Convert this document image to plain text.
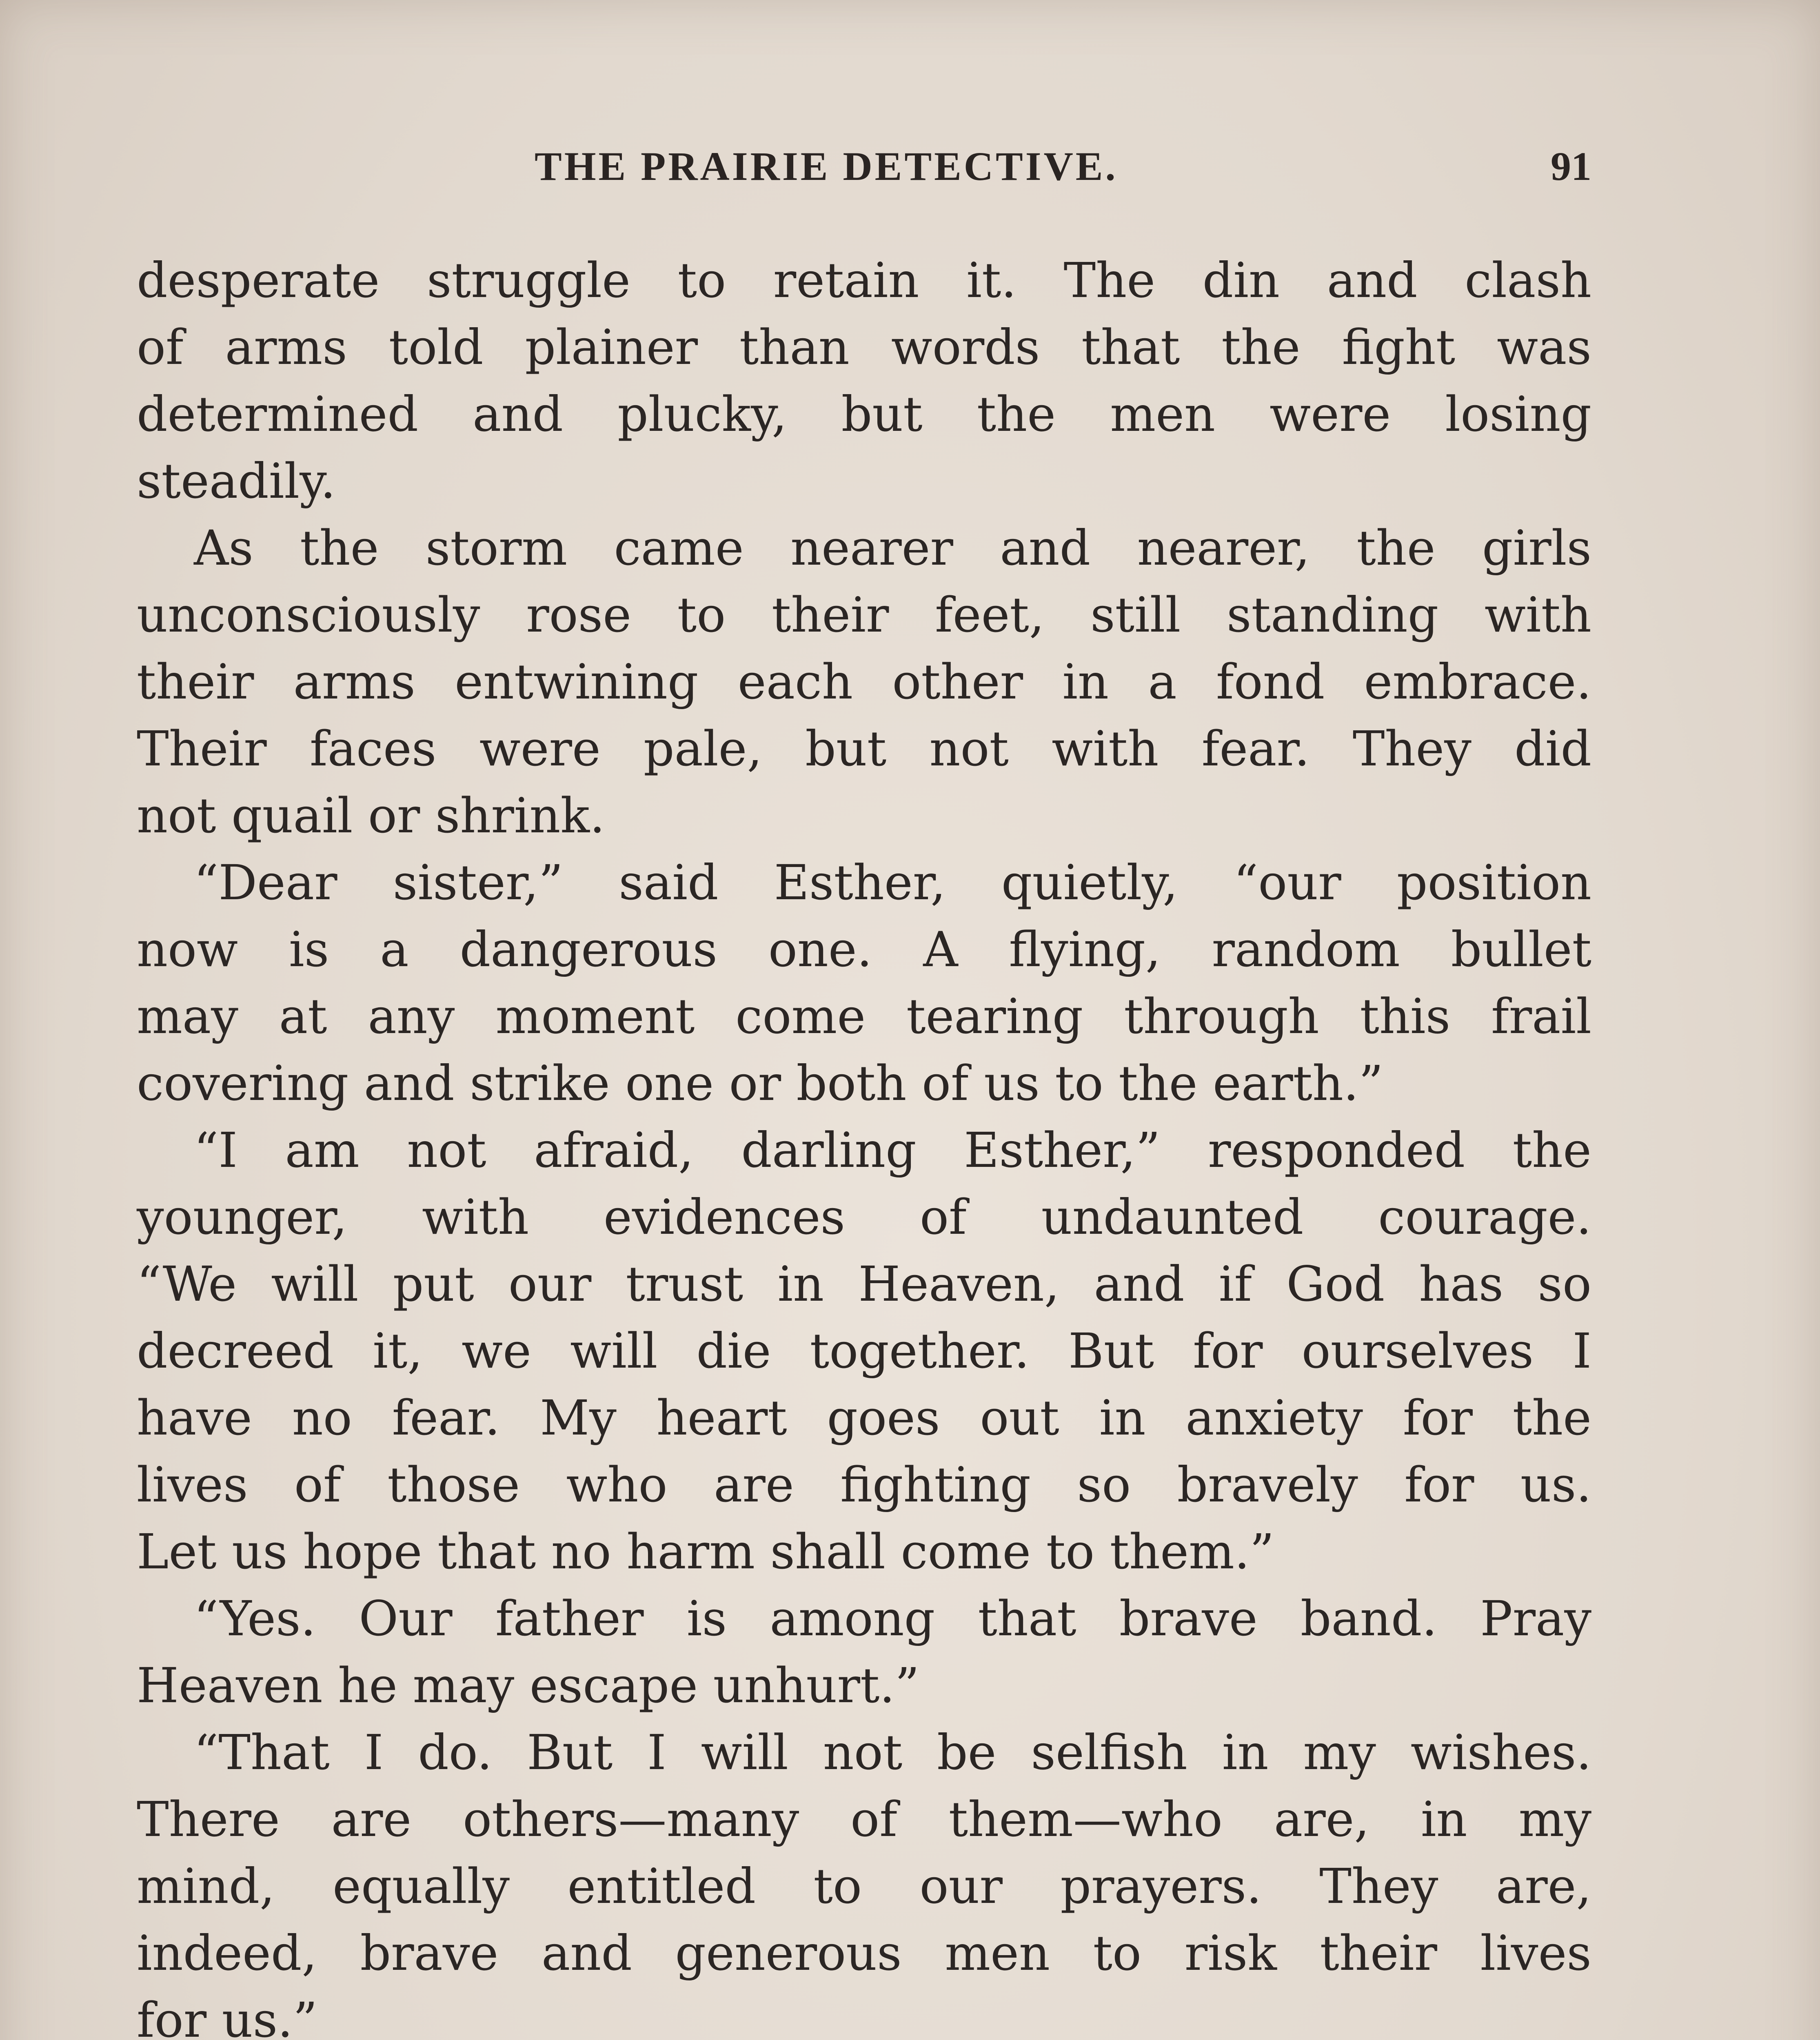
THE PRAIRIE DETECTIVE.	91
desperate struggle to retain it. The din and clash
of arms told plainer than words that the fight was
determined and plucky, but the men were losing
steadily.
As the storm came nearer and nearer, the girls
unconsciously rose to their feet, still standing with
their arms entwining each other in a fond embrace.
Their faces were pale, but not with fear. They did
not quail or shrink.
“Dear sister,” said Esther, quietly, “our position
now is a dangerous one. A flying, random bullet
may at any moment come tearing through this frail
covering and strike one or both of us to the earth.”
“I am not afraid, darling Esther,” responded the
younger, with evidences of undaunted courage.
“We will put our trust in Heaven, and if God has so
decreed it, we will die together. But for ourselves I
have no fear. My heart goes out in anxiety for the
lives of those who are fighting so bravely for us.
Let us hope that no harm shall come to them.”
“Yes. Our father is among that brave band. Pray
Heaven he may escape unhurt.”
“That I do. But I will not be selfish in my wishes.
There are others—many of them—who are, in my
mind, equally entitled to our prayers. They are,
indeed, brave and generous men to risk their lives
for us.”
